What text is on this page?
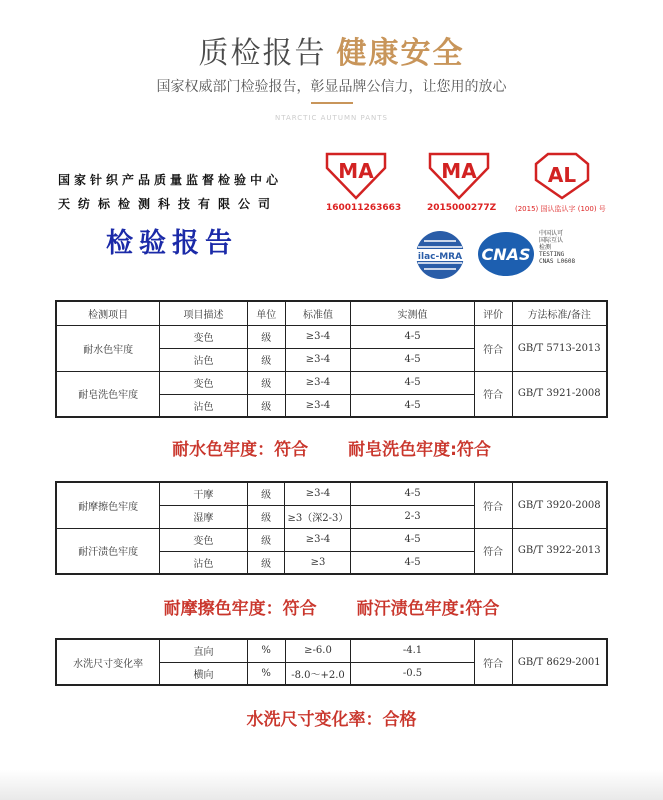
质检报告 健康安全
国家权威部门检验报告，彰显品牌公信力，让您用的放心
NTARCTIC AUTUMN PANTS
国家针织产品质量监督检验中心
天纺标检测科技有限公司
检验报告
MA
160011263663
MA
2015000277Z
AL
(2015) 国认监认字 (100) 号
ilac-MRA CNAS
中国认可
国际互认
检测
TESTING
CNAS L0608
检测项目	项目描述	单位	标准值	实测值	评价	方法标准/备注
耐水色牢度	变色	级	≥3-4	4-5	符合	GB/T 5713-2013
	沾色	级	≥3-4	4-5		
耐皂洗色牢度	变色	级	≥3-4	4-5	符合	GB/T 3921-2008
	沾色	级	≥3-4	4-5		
耐水色牢度：符合 耐皂洗色牢度:符合
耐摩擦色牢度	干摩	级	≥3-4	4-5	符合	GB/T 3920-2008
	湿摩	级	≥3（深2-3）	2-3		
耐汗渍色牢度	变色	级	≥3-4	4-5	符合	GB/T 3922-2013
	沾色	级	≥3	4-5		
耐摩擦色牢度：符合 耐汗渍色牢度:符合
水洗尺寸变化率	直向	%	≥-6.0	-4.1	符合	GB/T 8629-2001
	横向	%	-8.0～+2.0	-0.5		
水洗尺寸变化率：合格
